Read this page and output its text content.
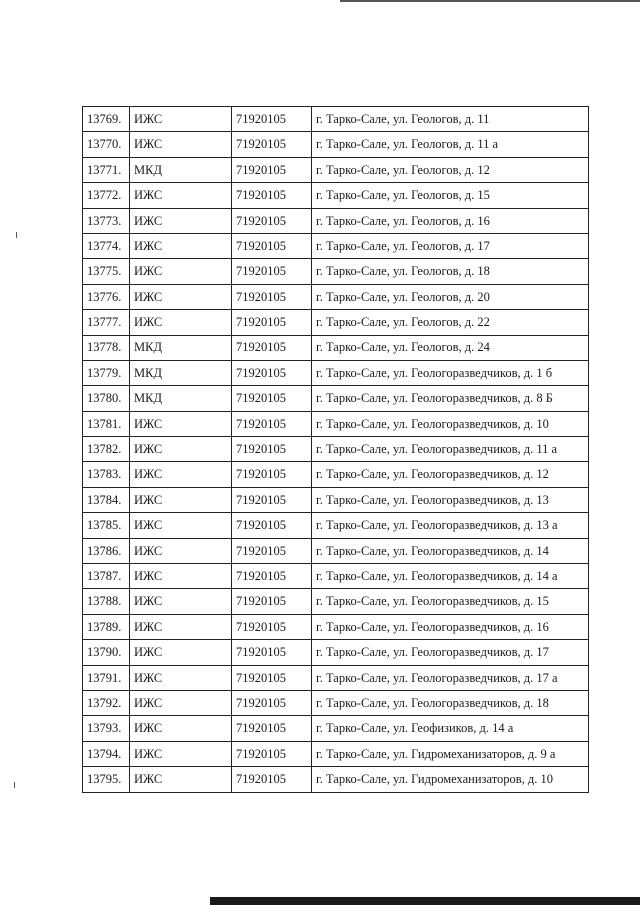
13769.	ИЖС	71920105	г. Тарко-Сале, ул. Геологов, д. 11
13770.	ИЖС	71920105	г. Тарко-Сале, ул. Геологов, д. 11 а
13771.	МКД	71920105	г. Тарко-Сале, ул. Геологов, д. 12
13772.	ИЖС	71920105	г. Тарко-Сале, ул. Геологов, д. 15
13773.	ИЖС	71920105	г. Тарко-Сале, ул. Геологов, д. 16
13774.	ИЖС	71920105	г. Тарко-Сале, ул. Геологов, д. 17
13775.	ИЖС	71920105	г. Тарко-Сале, ул. Геологов, д. 18
13776.	ИЖС	71920105	г. Тарко-Сале, ул. Геологов, д. 20
13777.	ИЖС	71920105	г. Тарко-Сале, ул. Геологов, д. 22
13778.	МКД	71920105	г. Тарко-Сале, ул. Геологов, д. 24
13779.	МКД	71920105	г. Тарко-Сале, ул. Геологоразведчиков, д. 1 б
13780.	МКД	71920105	г. Тарко-Сале, ул. Геологоразведчиков, д. 8 Б
13781.	ИЖС	71920105	г. Тарко-Сале, ул. Геологоразведчиков, д. 10
13782.	ИЖС	71920105	г. Тарко-Сале, ул. Геологоразведчиков, д. 11 а
13783.	ИЖС	71920105	г. Тарко-Сале, ул. Геологоразведчиков, д. 12
13784.	ИЖС	71920105	г. Тарко-Сале, ул. Геологоразведчиков, д. 13
13785.	ИЖС	71920105	г. Тарко-Сале, ул. Геологоразведчиков, д. 13 а
13786.	ИЖС	71920105	г. Тарко-Сале, ул. Геологоразведчиков, д. 14
13787.	ИЖС	71920105	г. Тарко-Сале, ул. Геологоразведчиков, д. 14 а
13788.	ИЖС	71920105	г. Тарко-Сале, ул. Геологоразведчиков, д. 15
13789.	ИЖС	71920105	г. Тарко-Сале, ул. Геологоразведчиков, д. 16
13790.	ИЖС	71920105	г. Тарко-Сале, ул. Геологоразведчиков, д. 17
13791.	ИЖС	71920105	г. Тарко-Сале, ул. Геологоразведчиков, д. 17 а
13792.	ИЖС	71920105	г. Тарко-Сале, ул. Геологоразведчиков, д. 18
13793.	ИЖС	71920105	г. Тарко-Сале, ул. Геофизиков, д. 14 а
13794.	ИЖС	71920105	г. Тарко-Сале, ул. Гидромеханизаторов, д. 9 а
13795.	ИЖС	71920105	г. Тарко-Сале, ул. Гидромеханизаторов, д. 10
